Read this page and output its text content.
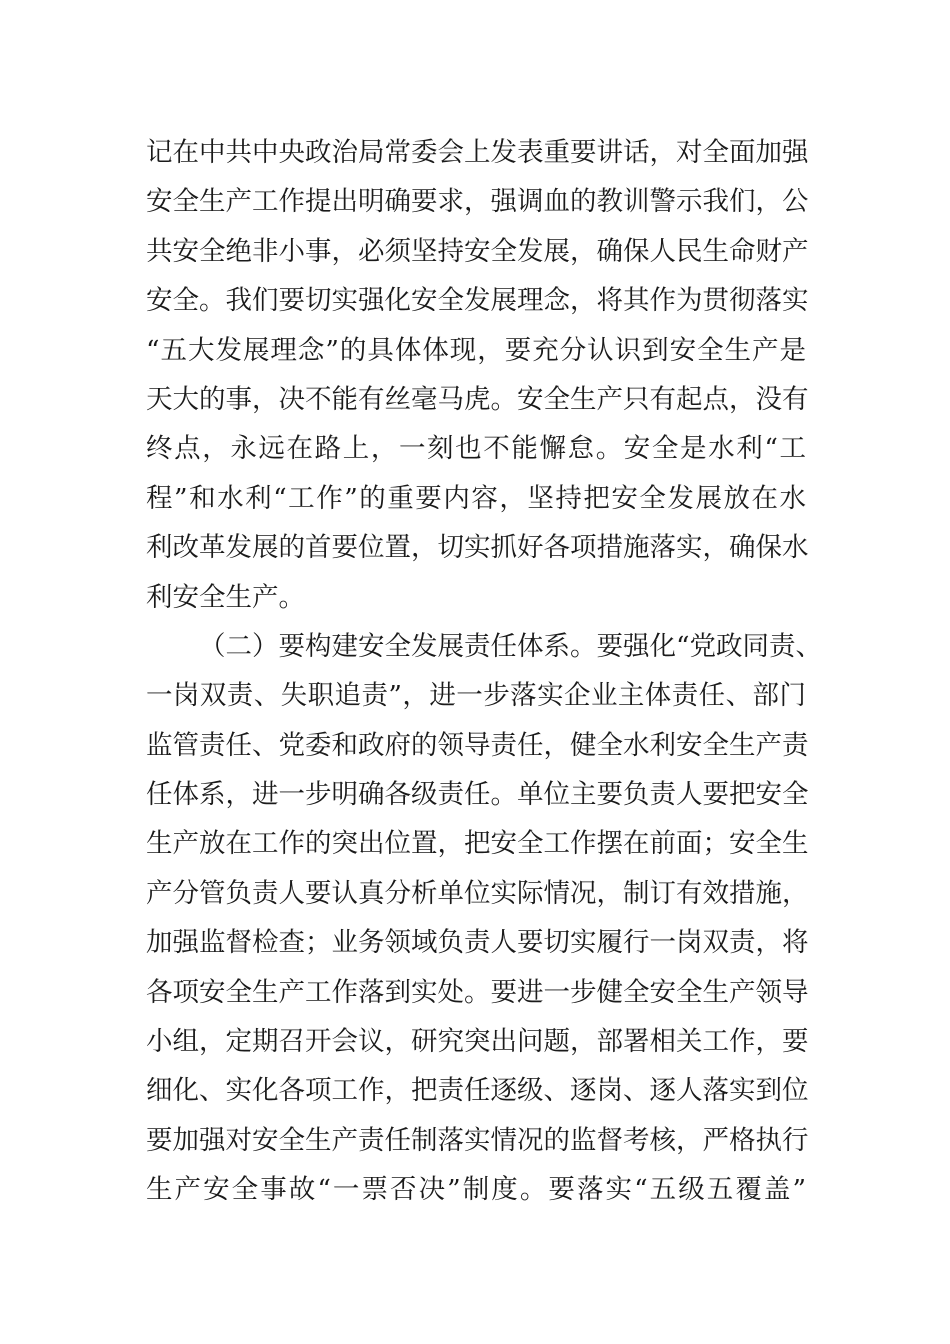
记在中共中央政治局常委会上发表重要讲话，对全面加强
安全生产工作提出明确要求，强调血的教训警示我们，公
共安全绝非小事，必须坚持安全发展，确保人民生命财产
安全。我们要切实强化安全发展理念，将其作为贯彻落实
“五大发展理念”的具体体现，要充分认识到安全生产是
天大的事，决不能有丝毫马虎。安全生产只有起点，没有
终点，永远在路上，一刻也不能懈怠。安全是水利“工
程”和水利“工作”的重要内容，坚持把安全发展放在水
利改革发展的首要位置，切实抓好各项措施落实，确保水
利安全生产。
（二）要构建安全发展责任体系。要强化“党政同责、
一岗双责、失职追责”，进一步落实企业主体责任、部门
监管责任、党委和政府的领导责任，健全水利安全生产责
任体系，进一步明确各级责任。单位主要负责人要把安全
生产放在工作的突出位置，把安全工作摆在前面；安全生
产分管负责人要认真分析单位实际情况，制订有效措施，
加强监督检查；业务领域负责人要切实履行一岗双责，将
各项安全生产工作落到实处。要进一步健全安全生产领导
小组，定期召开会议，研究突出问题，部署相关工作，要
细化、实化各项工作，把责任逐级、逐岗、逐人落实到位
要加强对安全生产责任制落实情况的监督考核，严格执行
生产安全事故“一票否决”制度。要落实“五级五覆盖”
